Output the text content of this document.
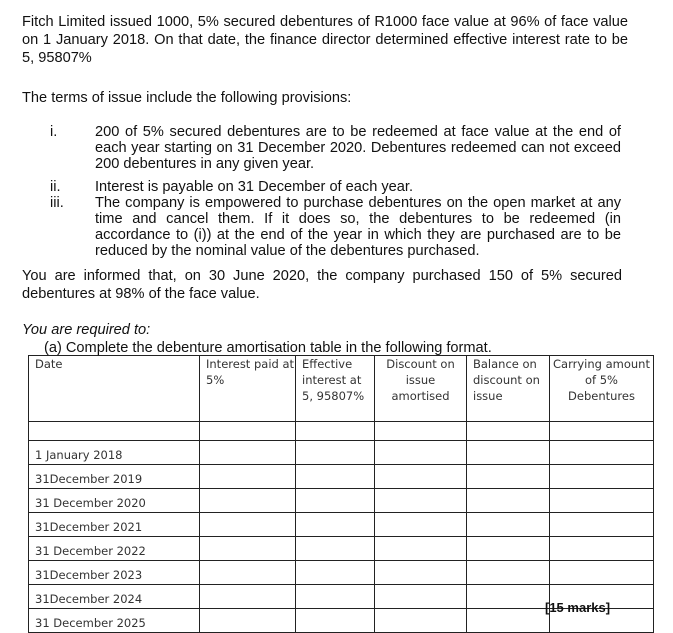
Fitch Limited issued 1000, 5% secured debentures of R1000 face value at 96% of face value on 1 January 2018. On that date, the finance director determined effective interest rate to be 5, 95807%
The terms of issue include the following provisions:
i.	200 of 5% secured debentures are to be redeemed at face value at the end of each year starting on 31 December 2020. Debentures redeemed can not exceed 200 debentures in any given year.
ii. Interest is payable on 31 December of each year.
iii. The company is empowered to purchase debentures on the open market at any time and cancel them. If it does so, the debentures to be redeemed (in accordance to (i)) at the end of the year in which they are purchased are to be reduced by the nominal value of the debentures purchased.
You are informed that, on 30 June 2020, the company purchased 150 of 5% secured debentures at 98% of the face value.
You are required to:
(a) Complete the debenture amortisation table in the following format.
Date	Interest paid at 5%	Effective interest at 5, 95807%	Discount on issue amortised	Balance on discount on issue	Carrying amount of 5% Debentures

1 January 2018					
31December 2019					
31 December 2020					
31December 2021					
31 December 2022					
31December 2023					
31December 2024					
31 December 2025					
[15 marks]
